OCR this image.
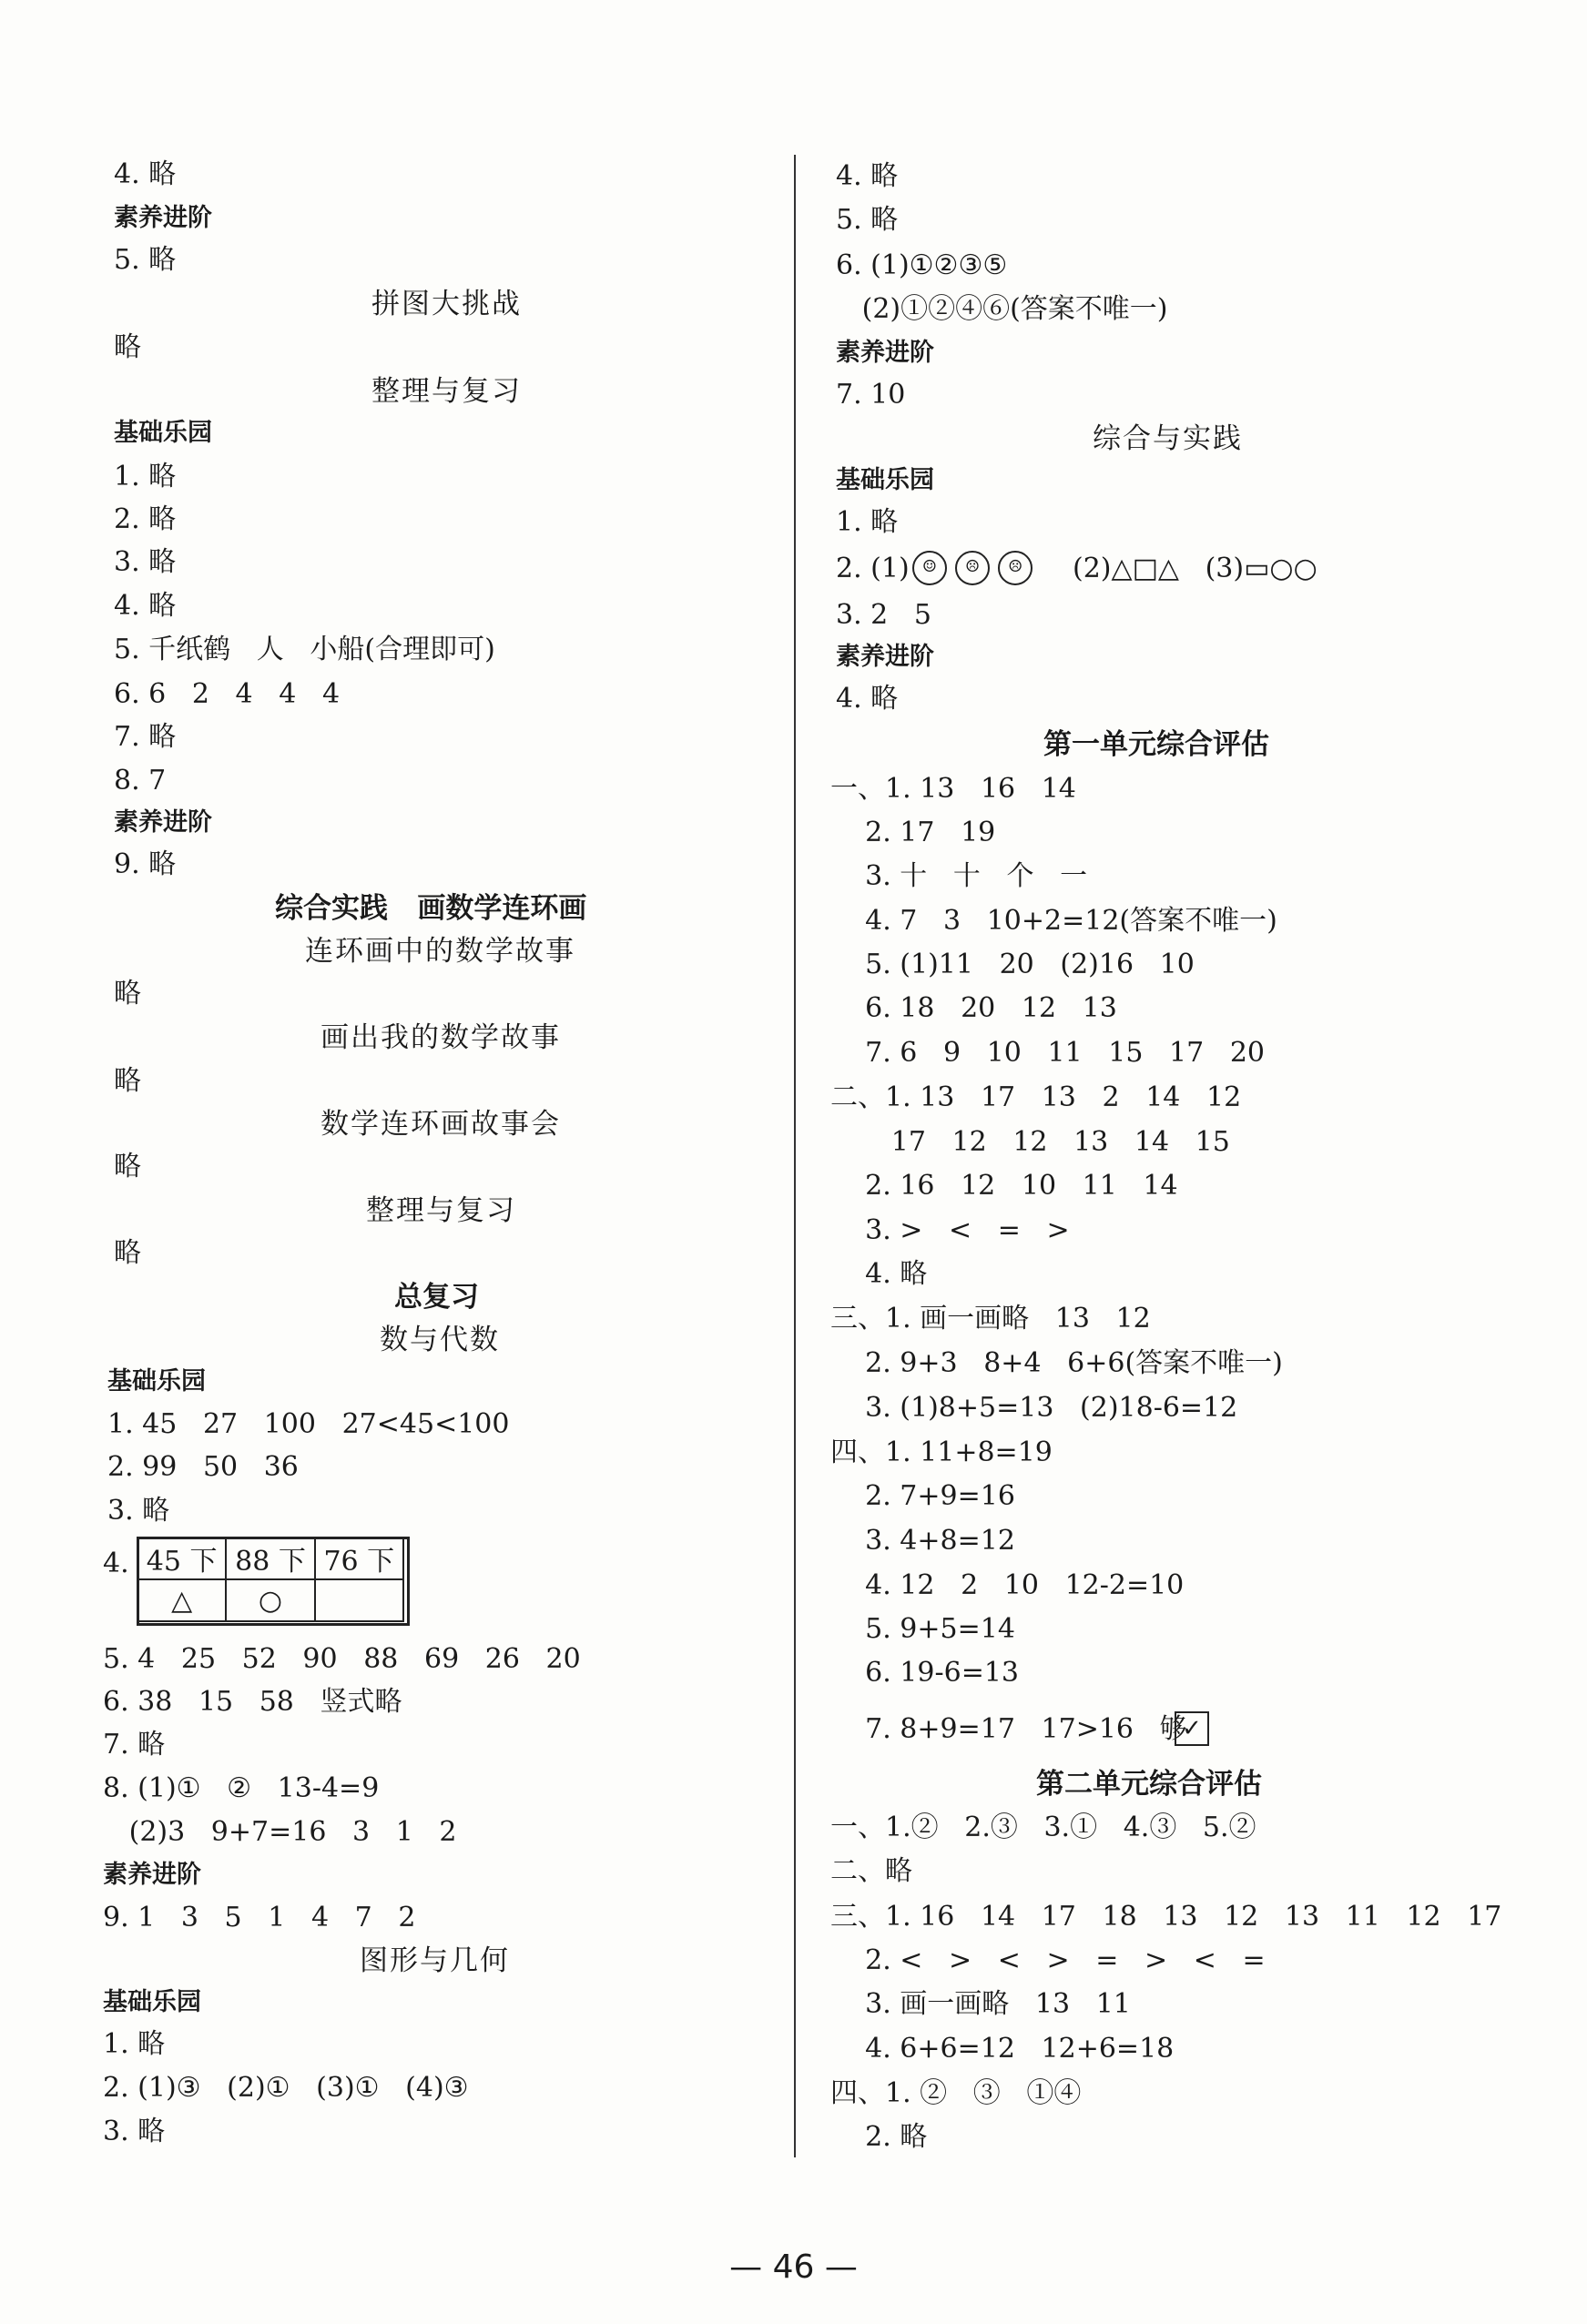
4. 略
素养进阶
5. 略
拼图大挑战
略
整理与复习
基础乐园
1. 略
2. 略
3. 略
4. 略
5. 千纸鹤   人   小船(合理即可)
6. 6   2   4   4   4
7. 略
8. 7
素养进阶
9. 略
综合实践   画数学连环画
连环画中的数学故事
略
画出我的数学故事
略
数学连环画故事会
略
整理与复习
略
总复习
数与代数
基础乐园
1. 45   27   100   27<45<100
2. 99   50   36
3. 略
4.
5. 4   25   52   90   88   69   26   20
6. 38   15   58   竖式略
7. 略
8. (1)①   ②   13-4=9
(2)3   9+7=16   3   1   2
素养进阶
9. 1   3   5   1   4   7   2
图形与几何
基础乐园
1. 略
2. (1)③   (2)①   (3)①   (4)③
3. 略
4. 略
5. 略
6. (1)①②③⑤
(2)①②④⑥(答案不唯一)
素养进阶
7. 10
综合与实践
基础乐园
1. 略
2. (1)	(2)△□△   (3)▭○○
3. 2   5
素养进阶
4. 略
第一单元综合评估
一、1. 13   16   14
2. 17   19
3. 十   十   个   一
4. 7   3   10+2=12(答案不唯一)
5. (1)11   20   (2)16   10
6. 18   20   12   13
7. 6   9   10   11   15   17   20
二、1. 13   17   13   2   14   12
17   12   12   13   14   15
2. 16   12   10   11   14
3. >   <   =   >
4. 略
三、1. 画一画略   13   12
2. 9+3   8+4   6+6(答案不唯一)
3. (1)8+5=13   (2)18-6=12
四、1. 11+8=19
2. 7+9=16
3. 4+8=12
4. 12   2   10   12-2=10
5. 9+5=14
6. 19-6=13
7. 8+9=17   17>16   够
第二单元综合评估
一、1.②   2.③   3.①   4.③   5.②
二、略
三、1. 16   14   17   18   13   12   13   11   12   17
2. <   >   <   >   =   >   <   =
3. 画一画略   13   11
4. 6+6=12   12+6=18
四、1. ②   ③   ①④
2. 略
45 下	88 下	76 下
△	○	
☺ ☹ ☹
✓
— 46 —
